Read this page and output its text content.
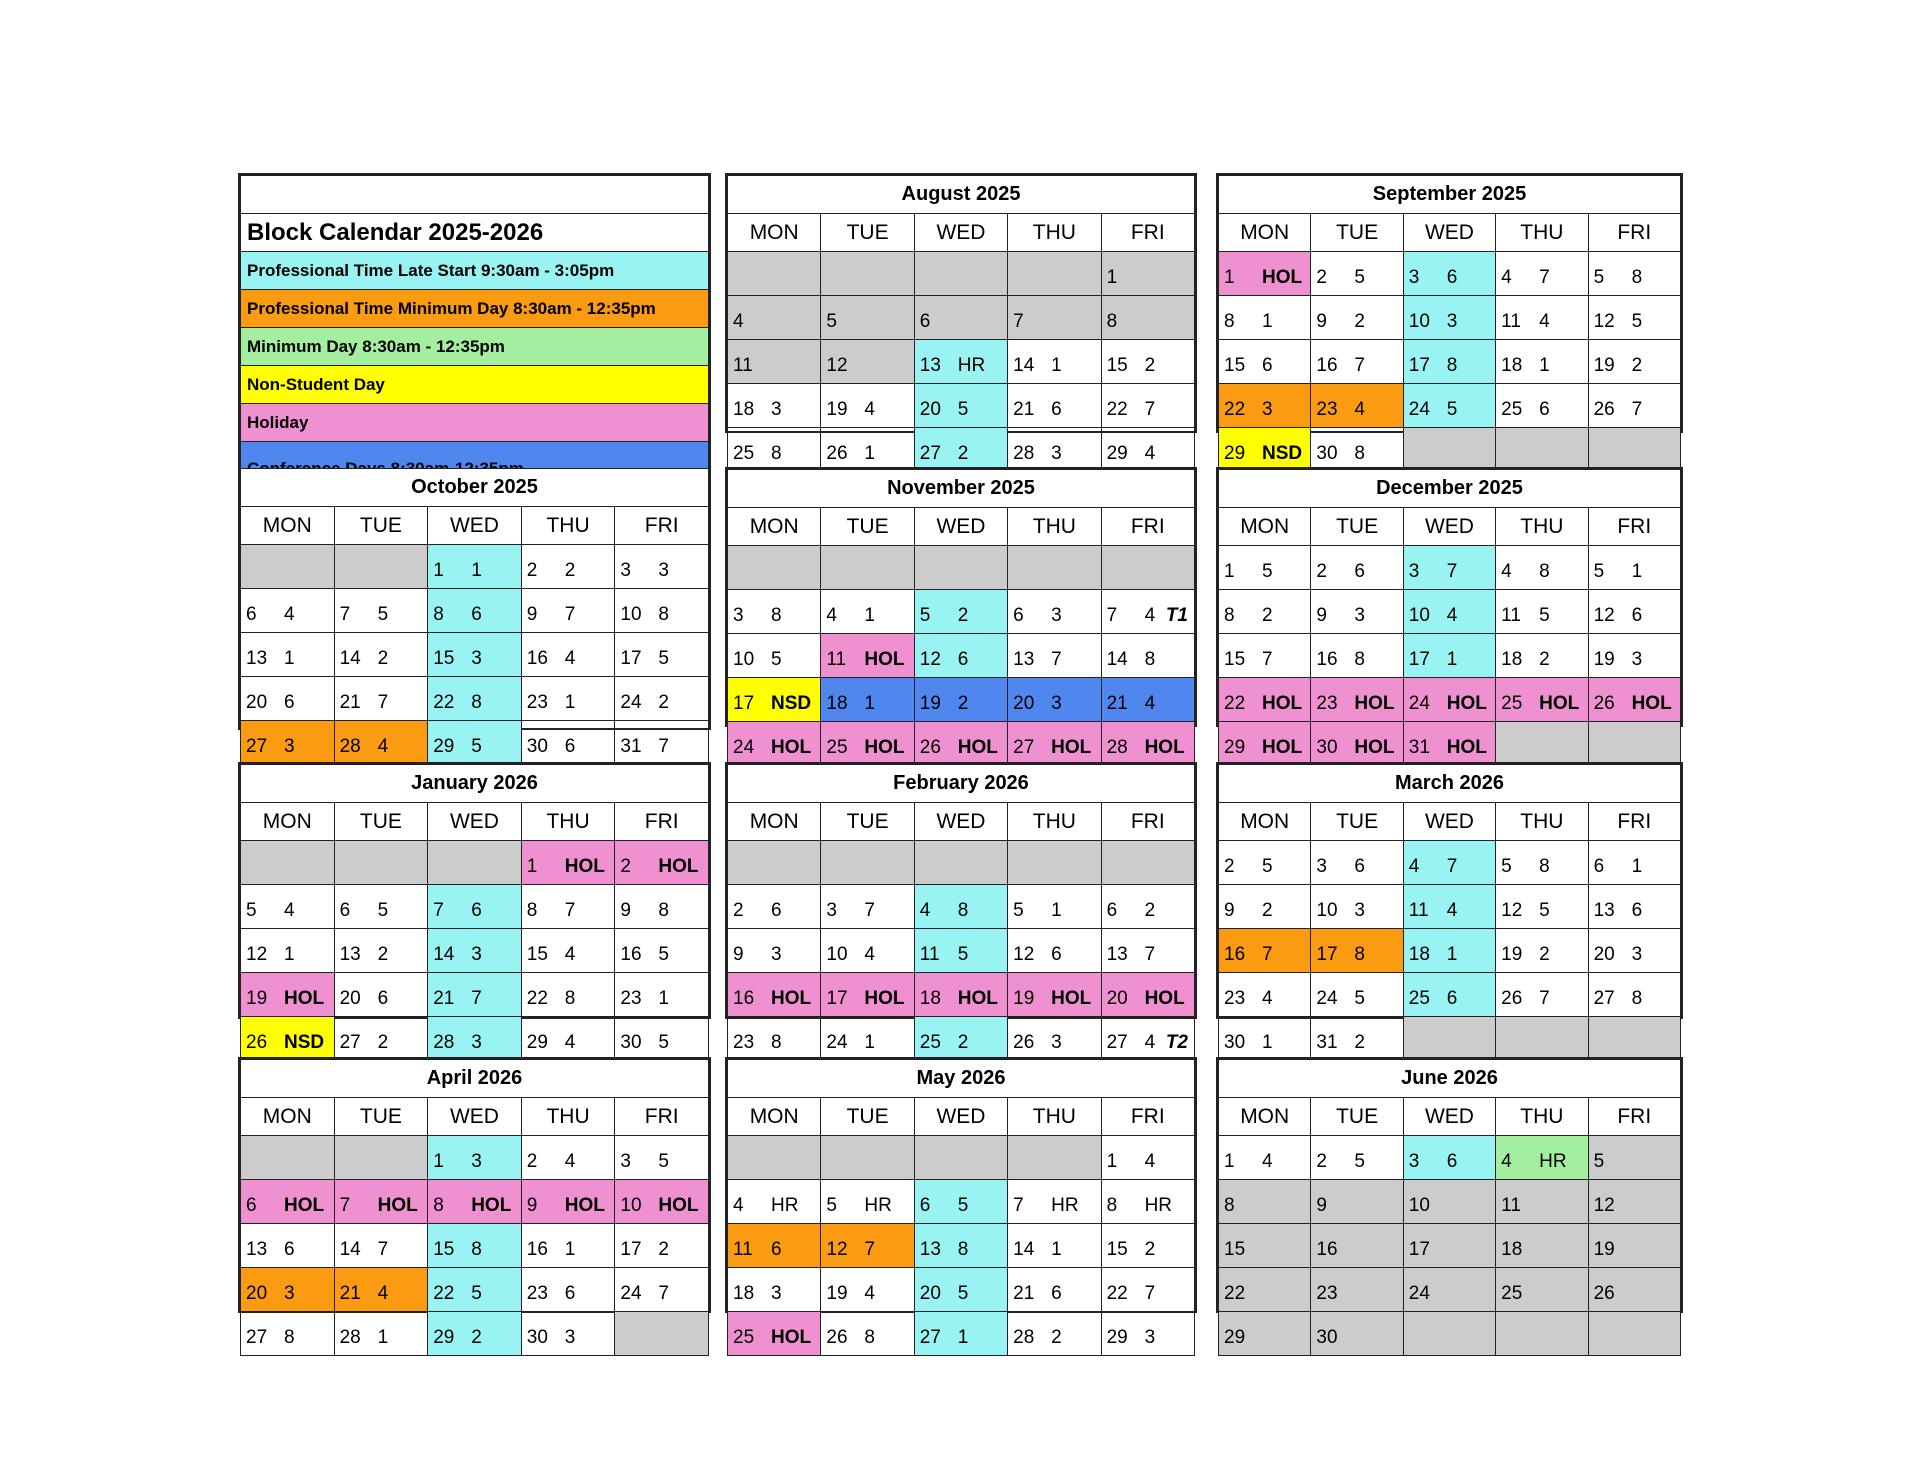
Block Calendar 2025-2026
Professional Time Late Start 9:30am - 3:05pm
Professional Time Minimum Day 8:30am - 12:35pm
Minimum Day 8:30am - 12:35pm
Non-Student Day
Holiday

August 2025				
MON	TUE	WED	THU	FRI
				1
4	5	6	7	8
11	12	13 HR	14 1	15 2
18 3	19 4	20 5	21 6	22 7
25 8	26 1	27 2	28 3	29 4
September 2025				
MON	TUE	WED	THU	FRI
1 HOL	2 5	3 6	4 7	5 8
8 1	9 2	10 3	11 4	12 5
15 6	16 7	17 8	18 1	19 2
22 3	23 4	24 5	25 6	26 7
29 NSD	30 8			
October 2025				
MON	TUE	WED	THU	FRI
		1 1	2 2	3 3
6 4	7 5	8 6	9 7	10 8
13 1	14 2	15 3	16 4	17 5
20 6	21 7	22 8	23 1	24 2
27 3	28 4	29 5	30 6	31 7
November 2025				
MON	TUE	WED	THU	FRI

3 8	4 1	5 2	6 3	7 4 T1

10 5	11 HOL	12 6	13 7	14 8
17 NSD	18 1	19 2	20 3	21 4
24 HOL	25 HOL	26 HOL	27 HOL	28 HOL
December 2025				
MON	TUE	WED	THU	FRI
1 5	2 6	3 7	4 8	5 1
8 2	9 3	10 4	11 5	12 6
15 7	16 8	17 1	18 2	19 3
22 HOL	23 HOL	24 HOL	25 HOL	26 HOL
29 HOL	30 HOL	31 HOL		
January 2026				
MON	TUE	WED	THU	FRI
			1 HOL	2 HOL
5 4	6 5	7 6	8 7	9 8
12 1	13 2	14 3	15 4	16 5
19 HOL	20 6	21 7	22 8	23 1
26 NSD	27 2	28 3	29 4	30 5
February 2026				
MON	TUE	WED	THU	FRI

2 6	3 7	4 8	5 1	6 2
9 3	10 4	11 5	12 6	13 7
16 HOL	17 HOL	18 HOL	19 HOL	20 HOL
23 8	24 1	25 2	26 3	27 4 T2
March 2026				
MON	TUE	WED	THU	FRI
2 5	3 6	4 7	5 8	6 1
9 2	10 3	11 4	12 5	13 6
16 7	17 8	18 1	19 2	20 3
23 4	24 5	25 6	26 7	27 8
30 1	31 2			
April 2026				
MON	TUE	WED	THU	FRI
		1 3	2 4	3 5
6 HOL	7 HOL	8 HOL	9 HOL	10 HOL
13 6	14 7	15 8	16 1	17 2
20 3	21 4	22 5	23 6	24 7
27 8	28 1	29 2	30 3	
May 2026				
MON	TUE	WED	THU	FRI
				1 4
4 HR	5 HR	6 5	7 HR	8 HR
11 6	12 7	13 8	14 1	15 2
18 3	19 4	20 5	21 6	22 7
25 HOL	26 8	27 1	28 2	29 3
June 2026				
MON	TUE	WED	THU	FRI
1 4	2 5	3 6	4 HR	5
8	9	10	11	12
15	16	17	18	19
22	23	24	25	26
29	30			
